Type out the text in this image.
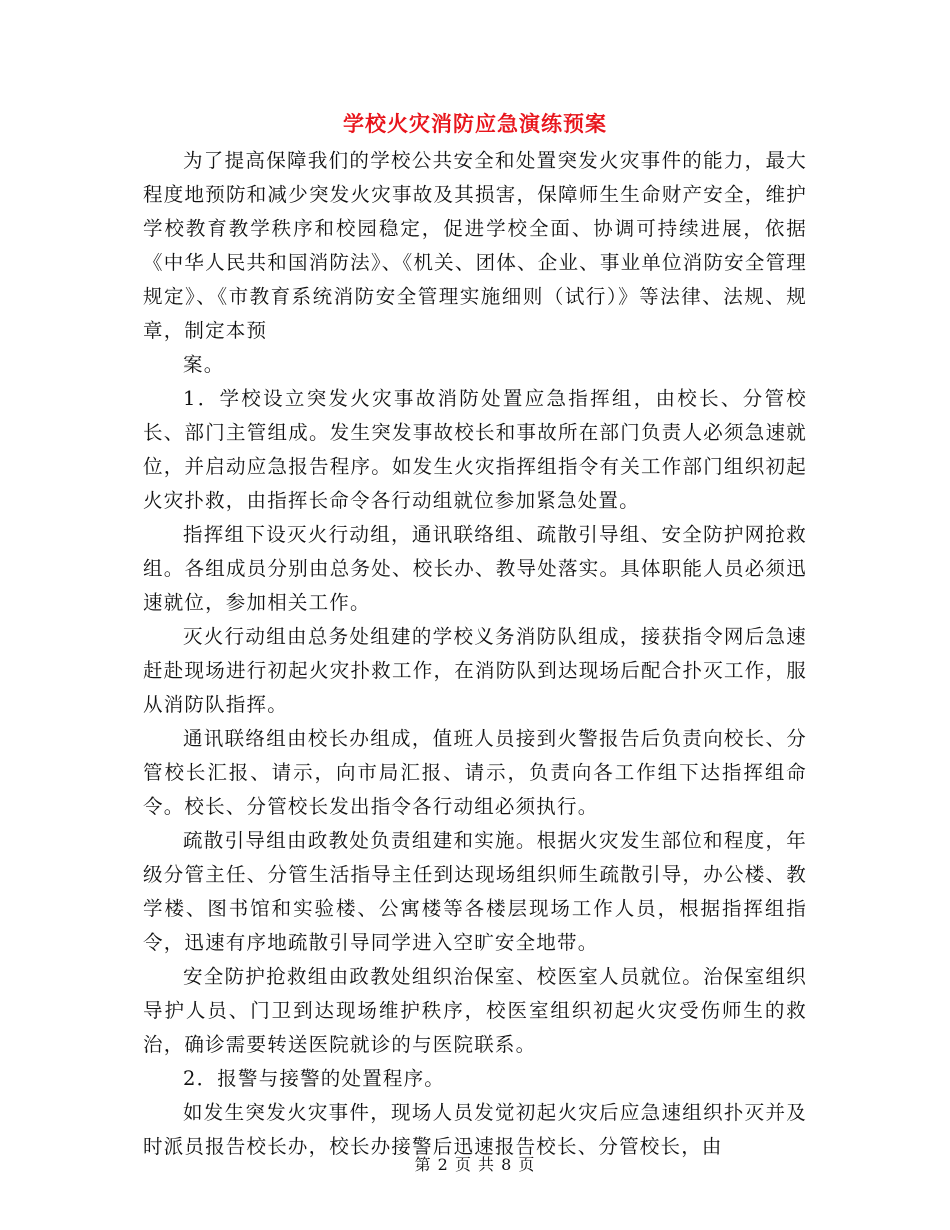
学校火灾消防应急演练预案

为了提高保障我们的学校公共安全和处置突发火灾事件的能力，最大程度地预防和减少突发火灾事故及其损害，保障师生生命财产安全，维护学校教育教学秩序和校园稳定，促进学校全面、协调可持续进展，依据《中华人民共和国消防法》、《机关、团体、企业、事业单位消防安全管理规定》、《市教育系统消防安全管理实施细则（试行）》等法律、法规、规章，制定本预

案。

1．学校设立突发火灾事故消防处置应急指挥组，由校长、分管校长、部门主管组成。发生突发事故校长和事故所在部门负责人必须急速就位，并启动应急报告程序。如发生火灾指挥组指令有关工作部门组织初起火灾扑救，由指挥长命令各行动组就位参加紧急处置。

指挥组下设灭火行动组，通讯联络组、疏散引导组、安全防护网抢救组。各组成员分别由总务处、校长办、教导处落实。具体职能人员必须迅速就位，参加相关工作。

灭火行动组由总务处组建的学校义务消防队组成，接获指令网后急速赶赴现场进行初起火灾扑救工作，在消防队到达现场后配合扑灭工作，服从消防队指挥。

通讯联络组由校长办组成，值班人员接到火警报告后负责向校长、分管校长汇报、请示，向市局汇报、请示，负责向各工作组下达指挥组命令。校长、分管校长发出指令各行动组必须执行。

疏散引导组由政教处负责组建和实施。根据火灾发生部位和程度，年级分管主任、分管生活指导主任到达现场组织师生疏散引导，办公楼、教学楼、图书馆和实验楼、公寓楼等各楼层现场工作人员，根据指挥组指令，迅速有序地疏散引导同学进入空旷安全地带。

安全防护抢救组由政教处组织治保室、校医室人员就位。治保室组织导护人员、门卫到达现场维护秩序，校医室组织初起火灾受伤师生的救治，确诊需要转送医院就诊的与医院联系。

2．报警与接警的处置程序。

如发生突发火灾事件，现场人员发觉初起火灾后应急速组织扑灭并及时派员报告校长办，校长办接警后迅速报告校长、分管校长，由

第 2 页 共 8 页
